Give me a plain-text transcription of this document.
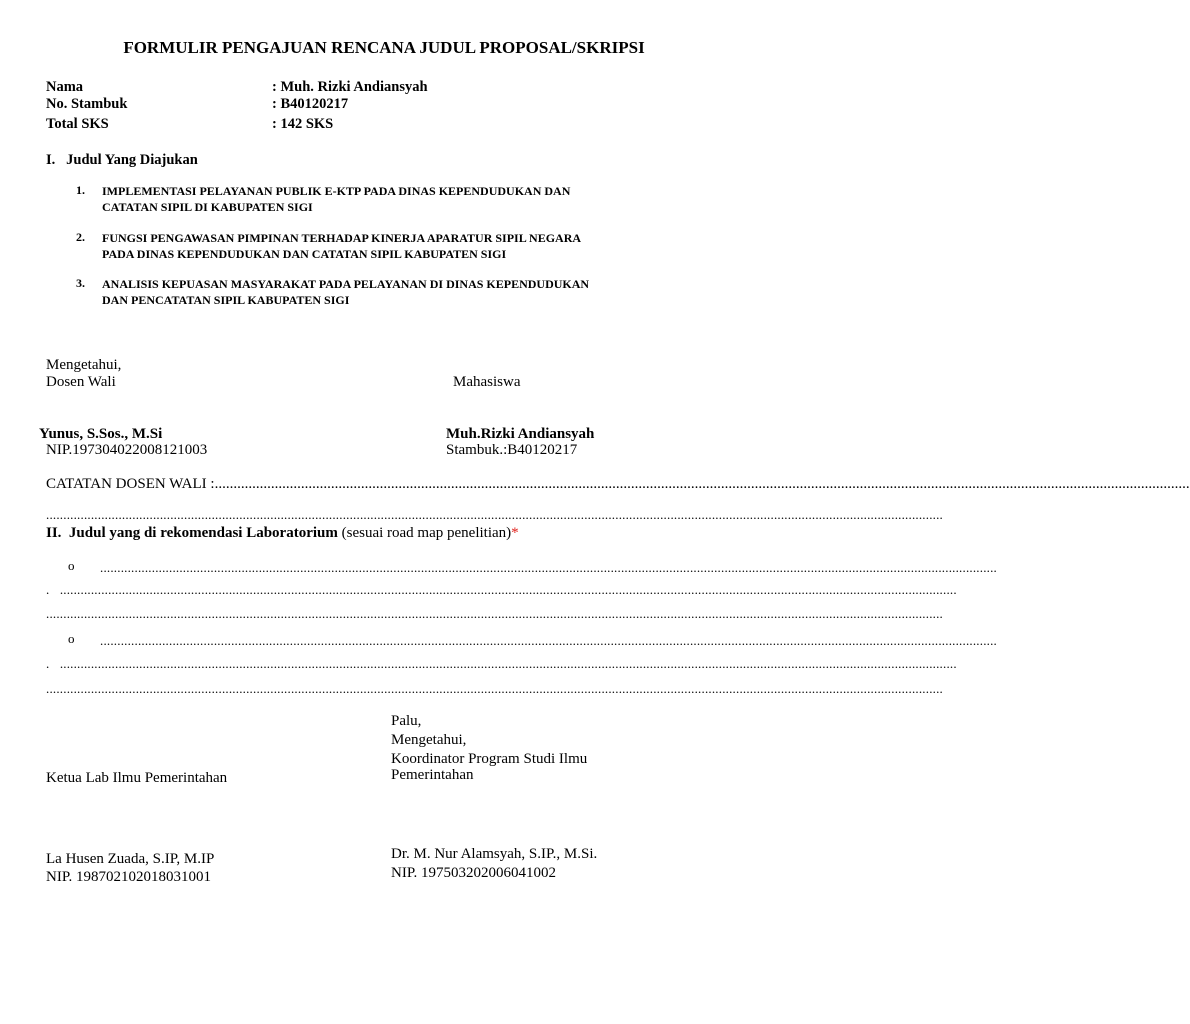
FORMULIR PENGAJUAN RENCANA JUDUL PROPOSAL/SKRIPSI
Nama	: Muh. Rizki Andiansyah
No. Stambuk	: B40120217
Total SKS	: 142 SKS
I.   Judul Yang Diajukan
1. IMPLEMENTASI PELAYANAN PUBLIK E-KTP PADA DINAS KEPENDUDUKAN DAN
CATATAN SIPIL DI KABUPATEN SIGI
2. FUNGSI PENGAWASAN PIMPINAN TERHADAP KINERJA APARATUR SIPIL NEGARA
PADA DINAS KEPENDUDUKAN DAN CATATAN SIPIL KABUPATEN SIGI
3. ANALISIS KEPUASAN MASYARAKAT PADA PELAYANAN DI DINAS KEPENDUDUKAN
DAN PENCATATAN SIPIL KABUPATEN SIGI
Mengetahui,
Dosen Wali	Mahasiswa
Yunus, S.Sos., M.Si
NIP.197304022008121003
Muh.Rizki Andiansyah
Stambuk.:B40120217
CATATAN DOSEN WALI :....................................................................................................................................................................................................................................................................
....................................................................................................................................................................................................................................................................
II.  Judul yang di rekomendasi Laboratorium (sesuai road map penelitian)*
o ....................................................................................................................................................................................................................................................................
.   ....................................................................................................................................................................................................................................................................
....................................................................................................................................................................................................................................................................
o ....................................................................................................................................................................................................................................................................
.   ....................................................................................................................................................................................................................................................................
....................................................................................................................................................................................................................................................................
Palu,
Mengetahui,
Koordinator Program Studi Ilmu
Pemerintahan
Ketua Lab Ilmu Pemerintahan
La Husen Zuada, S.IP, M.IP
NIP. 198702102018031001
Dr. M. Nur Alamsyah, S.IP., M.Si.
NIP. 197503202006041002
